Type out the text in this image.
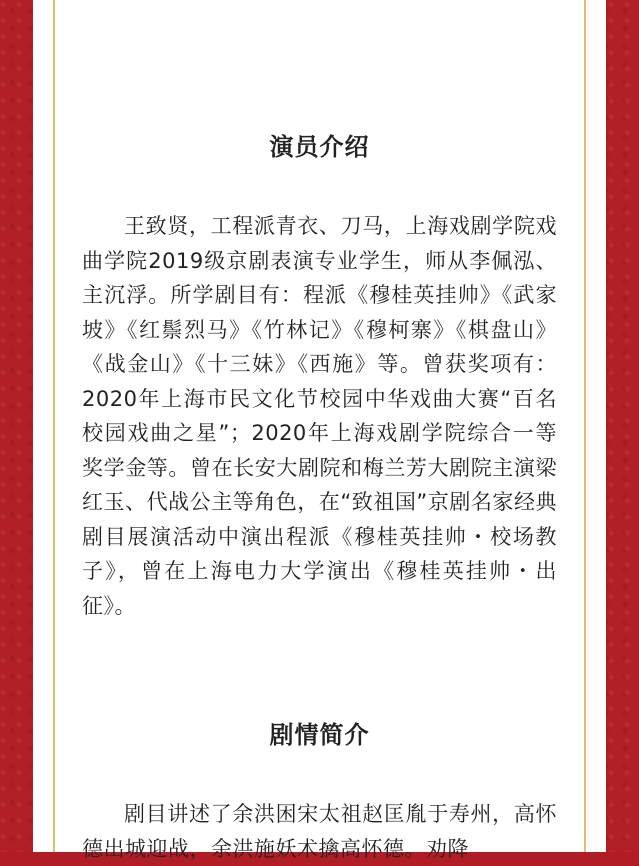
演员介绍

王致贤，工程派青衣、刀马，上海戏剧学院戏曲学院2019级京剧表演专业学生，师从李佩泓、主沉浮。所学剧目有：程派《穆桂英挂帅》《武家坡》《红鬃烈马》《竹林记》《穆柯寨》《棋盘山》《战金山》《十三妹》《西施》等。曾获奖项有：2020年上海市民文化节校园中华戏曲大赛“百名校园戏曲之星”；2020年上海戏剧学院综合一等奖学金等。曾在长安大剧院和梅兰芳大剧院主演梁红玉、代战公主等角色，在“致祖国”京剧名家经典剧目展演活动中演出程派《穆桂英挂帅・校场教子》，曾在上海电力大学演出《穆桂英挂帅・出征》。

剧情简介

剧目讲述了余洪困宋太祖赵匡胤于寿州，高怀德出城迎战，余洪施妖术擒高怀德。劝降
